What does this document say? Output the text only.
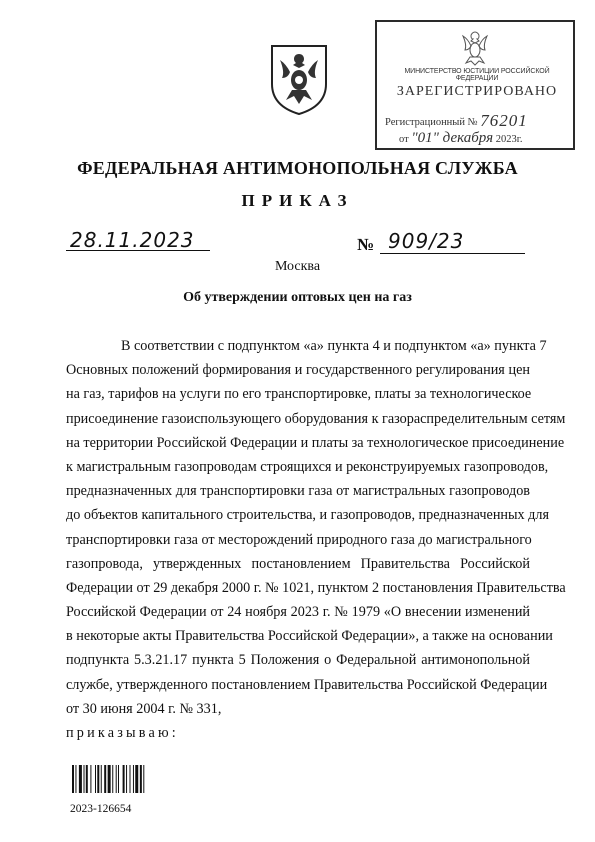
МИНИСТЕРСТВО ЮСТИЦИИ РОССИЙСКОЙ ФЕДЕРАЦИИ
ЗАРЕГИСТРИРОВАНО
Регистрационный № 76201
от "01" декабря 2023г.
ФЕДЕРАЛЬНАЯ АНТИМОНОПОЛЬНАЯ СЛУЖБА
ПРИКАЗ
28.11.2023	№ 909/23
Москва
Об утверждении оптовых цен на газ
В соответствии с подпунктом «а» пункта 4 и подпунктом «а» пункта 7
Основных положений формирования и государственного регулирования цен
на газ, тарифов на услуги по его транспортировке, платы за технологическое
присоединение газоиспользующего оборудования к газораспределительным сетям
на территории Российской Федерации и платы за технологическое присоединение
к магистральным газопроводам строящихся и реконструируемых газопроводов,
предназначенных для транспортировки газа от магистральных газопроводов
до объектов капитального строительства, и газопроводов, предназначенных для
транспортировки газа от месторождений природного газа до магистрального
газопровода, утвержденных постановлением Правительства Российской
Федерации от 29 декабря 2000 г. № 1021, пунктом 2 постановления Правительства
Российской Федерации от 24 ноября 2023 г. № 1979 «О внесении изменений
в некоторые акты Правительства Российской Федерации», а также на основании
подпункта 5.3.21.17 пункта 5 Положения о Федеральной антимонопольной
службе, утвержденного постановлением Правительства Российской Федерации
от 30 июня 2004 г. № 331,
приказываю:
2023-126654
